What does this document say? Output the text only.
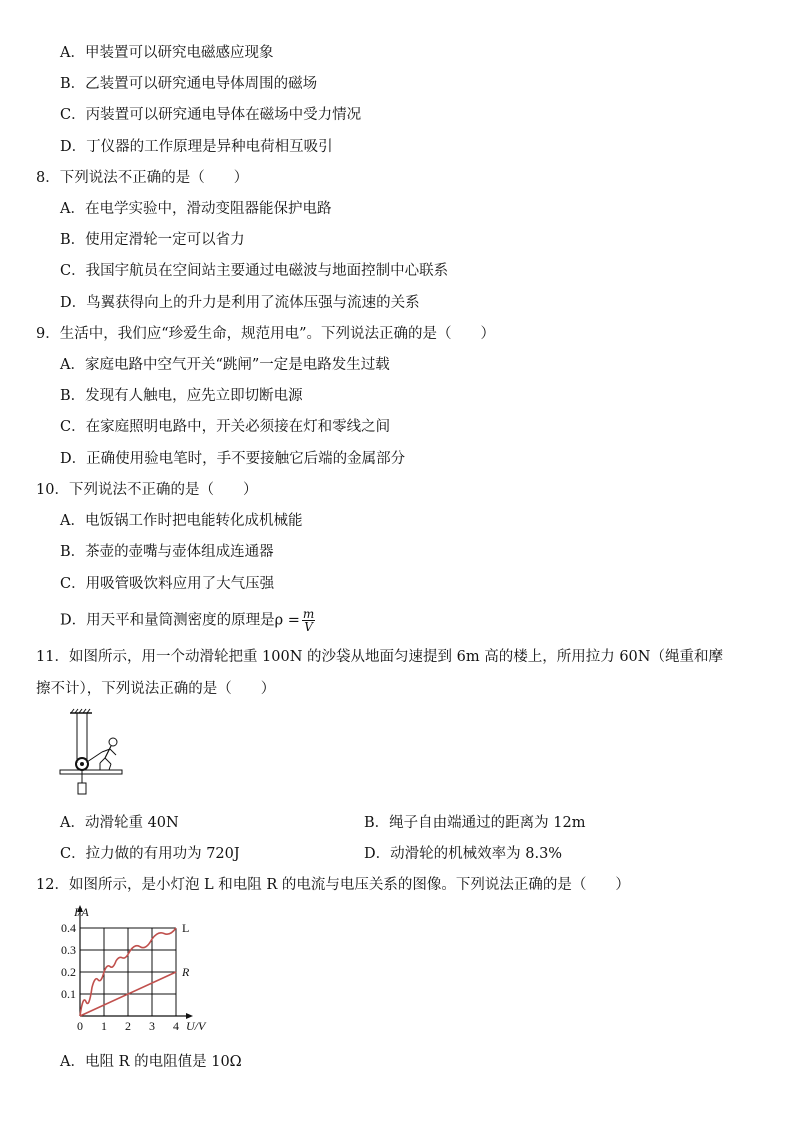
A．甲装置可以研究电磁感应现象
B．乙装置可以研究通电导体周围的磁场
C．丙装置可以研究通电导体在磁场中受力情况
D．丁仪器的工作原理是异种电荷相互吸引
8．下列说法不正确的是（　　）
A．在电学实验中，滑动变阻器能保护电路
B．使用定滑轮一定可以省力
C．我国宇航员在空间站主要通过电磁波与地面控制中心联系
D．鸟翼获得向上的升力是利用了流体压强与流速的关系
9．生活中，我们应“珍爱生命，规范用电”。下列说法正确的是（　　）
A．家庭电路中空气开关“跳闸”一定是电路发生过载
B．发现有人触电，应先立即切断电源
C．在家庭照明电路中，开关必须接在灯和零线之间
D．正确使用验电笔时，手不要接触它后端的金属部分
10．下列说法不正确的是（　　）
A．电饭锅工作时把电能转化成机械能
B．茶壶的壶嘴与壶体组成连通器
C．用吸管吸饮料应用了大气压强
D．用天平和量筒测密度的原理是$\rho = \frac{m}{V}$
11．如图所示，用一个动滑轮把重 100N 的沙袋从地面匀速提到 6m 高的楼上，所用拉力 60N（绳重和摩
擦不计），下列说法正确的是（　　）
A．动滑轮重 40N	B．绳子自由端通过的距离为 12m
C．拉力做的有用功为 720J	D．动滑轮的机械效率为 8.3%
12．如图所示，是小灯泡 L 和电阻 R 的电流与电压关系的图像。下列说法正确的是（　　）
0 1 2 3 4
0.1
0.2
0.3
0.4
I/A
U/V
L
R
A．电阻 R 的电阻值是 10Ω
